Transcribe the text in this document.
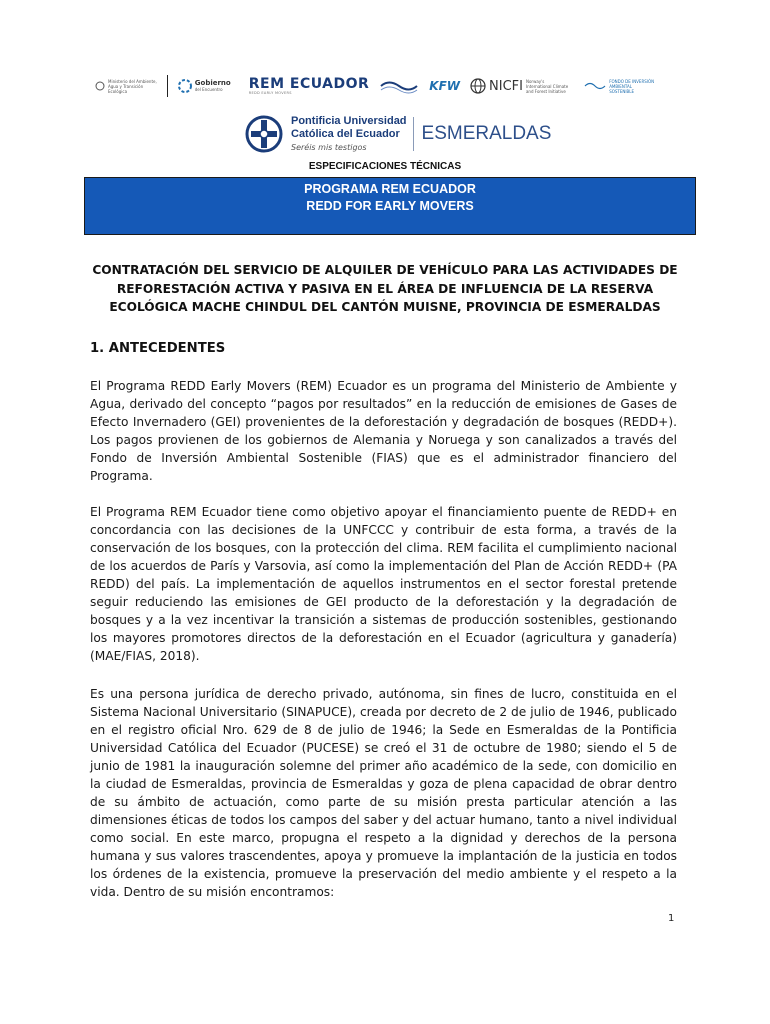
Ministerio del Ambiente,
Agua y Transición
Ecológica
Gobierno
del Encuentro	REM ECUADOR
REDD EARLY MOVERS	KFW NICFI Norway's
International Climate
and Forest Initiative
FONDO DE INVERSIÓN
AMBIENTAL
SOSTENIBLE
Pontificia Universidad
Católica del Ecuador
Seréis mis testigos
ESMERALDAS
ESPECIFICACIONES TÉCNICAS
PROGRAMA REM ECUADOR
REDD FOR EARLY MOVERS
CONTRATACIÓN DEL SERVICIO DE ALQUILER DE VEHÍCULO PARA LAS ACTIVIDADES DE REFORESTACIÓN ACTIVA Y PASIVA EN EL ÁREA DE INFLUENCIA DE LA RESERVA ECOLÓGICA MACHE CHINDUL DEL CANTÓN MUISNE, PROVINCIA DE ESMERALDAS
1. ANTECEDENTES
El Programa REDD Early Movers (REM) Ecuador es un programa del Ministerio de Ambiente y Agua, derivado del concepto “pagos por resultados” en la reducción de emisiones de Gases de Efecto Invernadero (GEI) provenientes de la deforestación y degradación de bosques (REDD+). Los pagos provienen de los gobiernos de Alemania y Noruega y son canalizados a través del Fondo de Inversión Ambiental Sostenible (FIAS) que es el administrador financiero del Programa.
El Programa REM Ecuador tiene como objetivo apoyar el financiamiento puente de REDD+ en concordancia con las decisiones de la UNFCCC y contribuir de esta forma, a través de la conservación de los bosques, con la protección del clima. REM facilita el cumplimiento nacional de los acuerdos de París y Varsovia, así como la implementación del Plan de Acción REDD+ (PA REDD) del país. La implementación de aquellos instrumentos en el sector forestal pretende seguir reduciendo las emisiones de GEI producto de la deforestación y la degradación de bosques y a la vez incentivar la transición a sistemas de producción sostenibles, gestionando los mayores promotores directos de la deforestación en el Ecuador (agricultura y ganadería) (MAE/FIAS, 2018).
Es una persona jurídica de derecho privado, autónoma, sin fines de lucro, constituida en el Sistema Nacional Universitario (SINAPUCE), creada por decreto de 2 de julio de 1946, publicado en el registro oficial Nro. 629 de 8 de julio de 1946; la Sede en Esmeraldas de la Pontificia Universidad Católica del Ecuador (PUCESE) se creó el 31 de octubre de 1980; siendo el 5 de junio de 1981 la inauguración solemne del primer año académico de la sede, con domicilio en la ciudad de Esmeraldas, provincia de Esmeraldas y goza de plena capacidad de obrar dentro de su ámbito de actuación, como parte de su misión presta particular atención a las dimensiones éticas de todos los campos del saber y del actuar humano, tanto a nivel individual como social. En este marco, propugna el respeto a la dignidad y derechos de la persona humana y sus valores trascendentes, apoya y promueve la implantación de la justicia en todos los órdenes de la existencia, promueve la preservación del medio ambiente y el respeto a la vida. Dentro de su misión encontramos:
1
